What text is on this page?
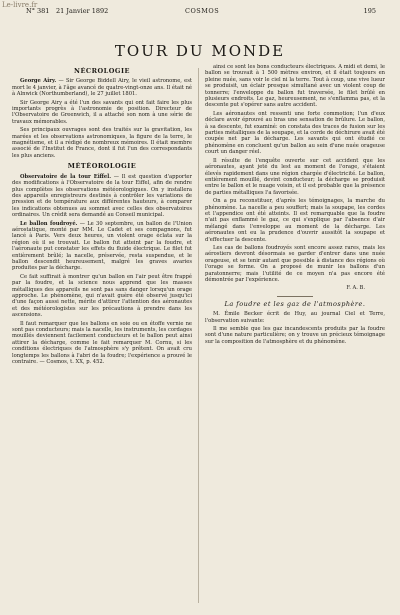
Le-livre.fr
N° 381 21 Janvier 1892	COSMOS	195
TOUR DU MONDE
NÉCROLOGIE

George Airy. — Sir George Biddell Airy, le vieil astronome, est mort le 4 janvier, à l'âge avancé de quatre-vingt-onze ans. Il était né à Alnwick (Northumberland), le 27 juillet 1801.

Sir George Airy a été l'un des savants qui ont fait faire les plus importants progrès à l'astronomie de position. Directeur de l'Observatoire de Greenwich, il a attaché son nom à une série de travaux mémorables.

Ses principaux ouvrages sont des traités sur la gravitation, les marées et les observations astronomiques, la figure de la terre, le magnétisme, et il a rédigé de nombreux mémoires. Il était membre associé de l'Institut de France, dont il fut l'un des correspondants les plus anciens.

MÉTÉOROLOGIE

Observatoire de la tour Eiffel. — Il est question d'apporter des modifications à l'Observatoire de la tour Eiffel, afin de rendre plus complètes les observations météorologiques. On y installera des appareils enregistreurs destinés à contrôler les variations de pression et de température aux différentes hauteurs, à comparer les indications obtenues au sommet avec celles des observatoires ordinaires. Un crédit sera demandé au Conseil municipal.

Le ballon foudroyé. — Le 30 septembre, un ballon de l'Union aérostatique, monté par MM. Le Cadet et ses compagnons, fut lancé à Paris. Vers deux heures, un violent orage éclata sur la région où il se trouvait. Le ballon fut atteint par la foudre, et l'aéronaute put constater les effets du fluide électrique. Le filet fut entièrement brûlé; la nacelle, préservée, resta suspendue, et le ballon descendit heureusement, malgré les graves avaries produites par la décharge.

Ce fait suffirait à montrer qu'un ballon en l'air peut être frappé par la foudre, et la science nous apprend que les masses métalliques des appareils ne sont pas sans danger lorsqu'un orage approche. Le phénomène, qui n'avait guère été observé jusqu'ici d'une façon aussi nette, mérite d'attirer l'attention des aéronautes et des météorologistes sur les précautions à prendre dans les ascensions.

Il faut remarquer que les ballons en soie ou en étoffe vernie ne sont pas conducteurs; mais la nacelle, les instruments, les cordages mouillés deviennent facilement conducteurs et le ballon peut ainsi attirer la décharge, comme le fait remarquer M. Cornu, si les conditions électriques de l'atmosphère s'y prêtent. On avait cru longtemps les ballons à l'abri de la foudre; l'expérience a prouvé le contraire. — Cosmos, t. XX, p. 452.

ainsi ce sont les bons conducteurs électriques. A midi et demi, le ballon se trouvait à 1 500 mètres environ, et il était toujours en pleine nuée, sans voir le ciel ni la terre. Tout à coup, une vive lueur se produisit, un éclair presque simultané avec un violent coup de tonnerre; l'enveloppe du ballon fut traversée, le filet brûlé en plusieurs endroits. Le gaz, heureusement, ne s'enflamma pas, et la descente put s'opérer sans autre accident.

Les aéronautes ont ressenti une forte commotion; l'un d'eux déclare avoir éprouvé au bras une sensation de brûlure. Le ballon, à sa descente, fut examiné: on constata des traces de fusion sur les parties métalliques de la soupape, et la corde de déchirure avait été coupée net par la décharge. Les savants qui ont étudié ce phénomène en concluent qu'un ballon au sein d'une nuée orageuse court un danger réel.

Il résulte de l'enquête ouverte sur cet accident que les aéronautes, ayant jeté du lest au moment de l'orage, s'étaient élevés rapidement dans une région chargée d'électricité. Le ballon, entièrement mouillé, devint conducteur; la décharge se produisit entre le ballon et le nuage voisin, et il est probable que la présence de parties métalliques l'a favorisée.

On a pu reconstituer, d'après les témoignages, la marche du phénomène. La nacelle a peu souffert; mais la soupape, les cordes et l'appendice ont été atteints. Il est remarquable que la foudre n'ait pas enflammé le gaz, ce qui s'explique par l'absence d'air mélangé dans l'enveloppe au moment de la décharge. Les aéronautes ont eu la prudence d'ouvrir aussitôt la soupape et d'effectuer la descente.

Les cas de ballons foudroyés sont encore assez rares, mais les aérostiers devront désormais se garder d'entrer dans une nuée orageuse, et se tenir autant que possible à distance des régions où l'orage se forme. On a proposé de munir les ballons d'un paratonnerre; mais l'utilité de ce moyen n'a pas encore été démontrée par l'expérience.

F. A. B.
La foudre et les gaz de l'atmosphère.

M. Émile Becker écrit de Huy, au journal Ciel et Terre, l'observation suivante:

Il me semble que les gaz incandescents produits par la foudre sont d'une nature particulière; on y trouve un précieux témoignage sur la composition de l'atmosphère et du phénomène.
